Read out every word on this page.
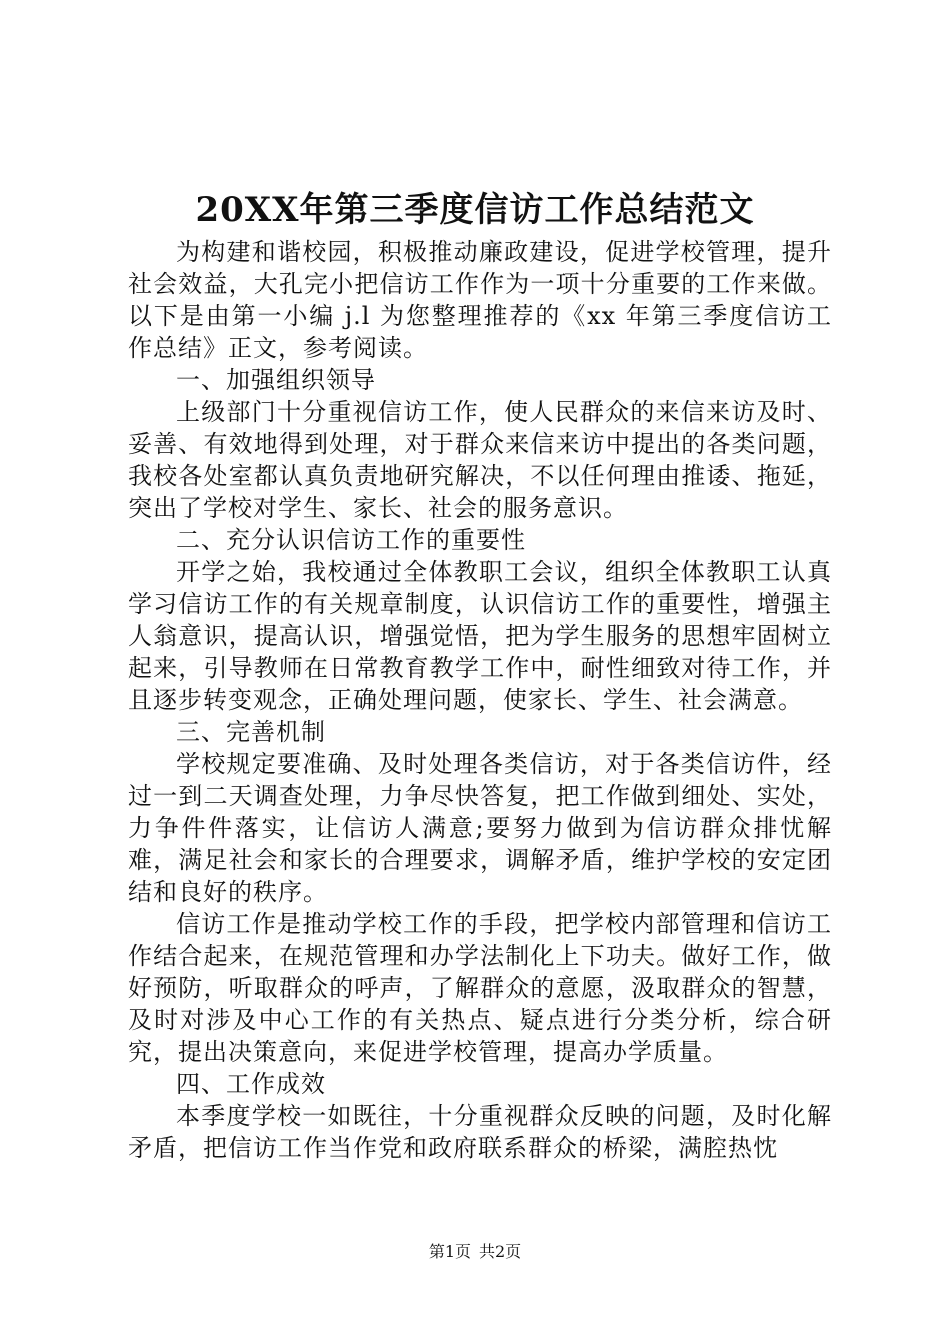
20XX年第三季度信访工作总结范文

为构建和谐校园，积极推动廉政建设，促进学校管理，提升社会效益，大孔完小把信访工作作为一项十分重要的工作来做。以下是由第一小编 j.l 为您整理推荐的《xx 年第三季度信访工作总结》正文，参考阅读。

一、加强组织领导

上级部门十分重视信访工作，使人民群众的来信来访及时、妥善、有效地得到处理，对于群众来信来访中提出的各类问题，我校各处室都认真负责地研究解决，不以任何理由推诿、拖延，突出了学校对学生、家长、社会的服务意识。

二、充分认识信访工作的重要性

开学之始，我校通过全体教职工会议，组织全体教职工认真学习信访工作的有关规章制度，认识信访工作的重要性，增强主人翁意识，提高认识，增强觉悟，把为学生服务的思想牢固树立起来，引导教师在日常教育教学工作中，耐性细致对待工作，并且逐步转变观念，正确处理问题，使家长、学生、社会满意。

三、完善机制

学校规定要准确、及时处理各类信访，对于各类信访件，经过一到二天调查处理，力争尽快答复，把工作做到细处、实处，力争件件落实，让信访人满意;要努力做到为信访群众排忧解难，满足社会和家长的合理要求，调解矛盾，维护学校的安定团结和良好的秩序。

信访工作是推动学校工作的手段，把学校内部管理和信访工作结合起来，在规范管理和办学法制化上下功夫。做好工作，做好预防，听取群众的呼声，了解群众的意愿，汲取群众的智慧，及时对涉及中心工作的有关热点、疑点进行分类分析，综合研究，提出决策意向，来促进学校管理，提高办学质量。

四、工作成效

本季度学校一如既往，十分重视群众反映的问题，及时化解矛盾，把信访工作当作党和政府联系群众的桥梁，满腔热忱

第1页 共2页
